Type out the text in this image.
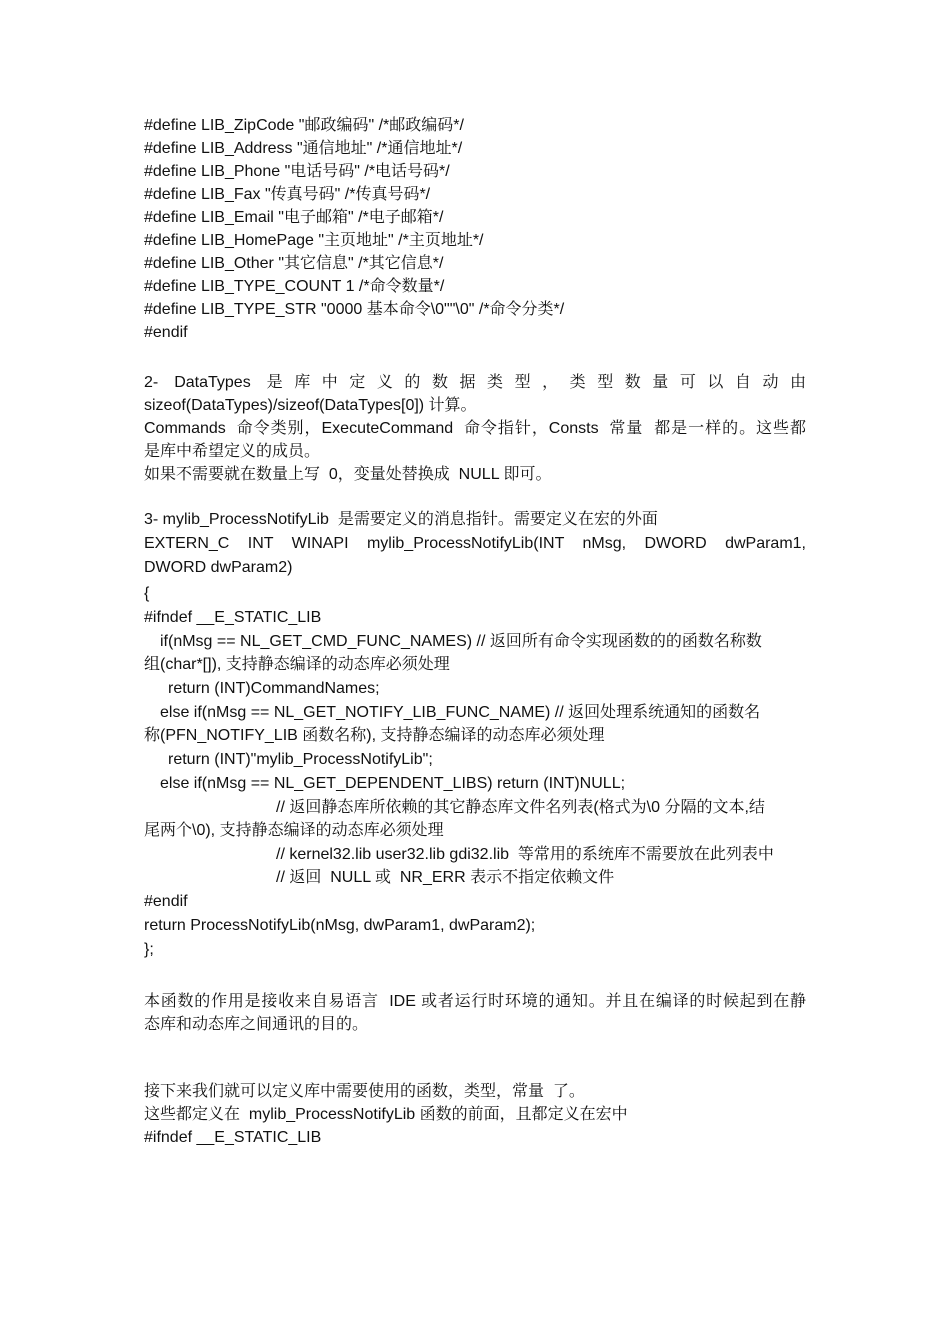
#define LIB_ZipCode "邮政编码" /*邮政编码*/
#define LIB_Address "通信地址" /*通信地址*/
#define LIB_Phone "电话号码" /*电话号码*/
#define LIB_Fax "传真号码" /*传真号码*/
#define LIB_Email "电子邮箱" /*电子邮箱*/
#define LIB_HomePage "主页地址" /*主页地址*/
#define LIB_Other "其它信息" /*其它信息*/
#define LIB_TYPE_COUNT 1 /*命令数量*/
#define LIB_TYPE_STR "0000 基本命令\0""\0" /*命令分类*/
#endif
2-  DataTypes  是 库 中 定 义 的 数 据 类 型 ， 类 型 数 量 可 以 自 动 由
sizeof(DataTypes)/sizeof(DataTypes[0]) 计算。
Commands  命令类别，ExecuteCommand  命令指针，Consts  常量  都是一样的。这些都
是库中希望定义的成员。
如果不需要就在数量上写  0，变量处替换成  NULL 即可。
3- mylib_ProcessNotifyLib  是需要定义的消息指针。需要定义在宏的外面
EXTERN_C   INT   WINAPI   mylib_ProcessNotifyLib(INT   nMsg,   DWORD   dwParam1,
DWORD dwParam2)
{
#ifndef __E_STATIC_LIB
if(nMsg == NL_GET_CMD_FUNC_NAMES) // 返回所有命令实现函数的的函数名称数
组(char*[]), 支持静态编译的动态库必须处理
return (INT)CommandNames;
else if(nMsg == NL_GET_NOTIFY_LIB_FUNC_NAME) // 返回处理系统通知的函数名
称(PFN_NOTIFY_LIB 函数名称), 支持静态编译的动态库必须处理
return (INT)"mylib_ProcessNotifyLib";
else if(nMsg == NL_GET_DEPENDENT_LIBS) return (INT)NULL;
// 返回静态库所依赖的其它静态库文件名列表(格式为\0 分隔的文本,结
尾两个\0), 支持静态编译的动态库必须处理
// kernel32.lib user32.lib gdi32.lib  等常用的系统库不需要放在此列表中
// 返回  NULL 或  NR_ERR 表示不指定依赖文件
#endif
return ProcessNotifyLib(nMsg, dwParam1, dwParam2);
};
本函数的作用是接收来自易语言  IDE 或者运行时环境的通知。并且在编译的时候起到在静
态库和动态库之间通讯的目的。
接下来我们就可以定义库中需要使用的函数，类型，常量  了。
这些都定义在  mylib_ProcessNotifyLib 函数的前面，且都定义在宏中
#ifndef __E_STATIC_LIB
